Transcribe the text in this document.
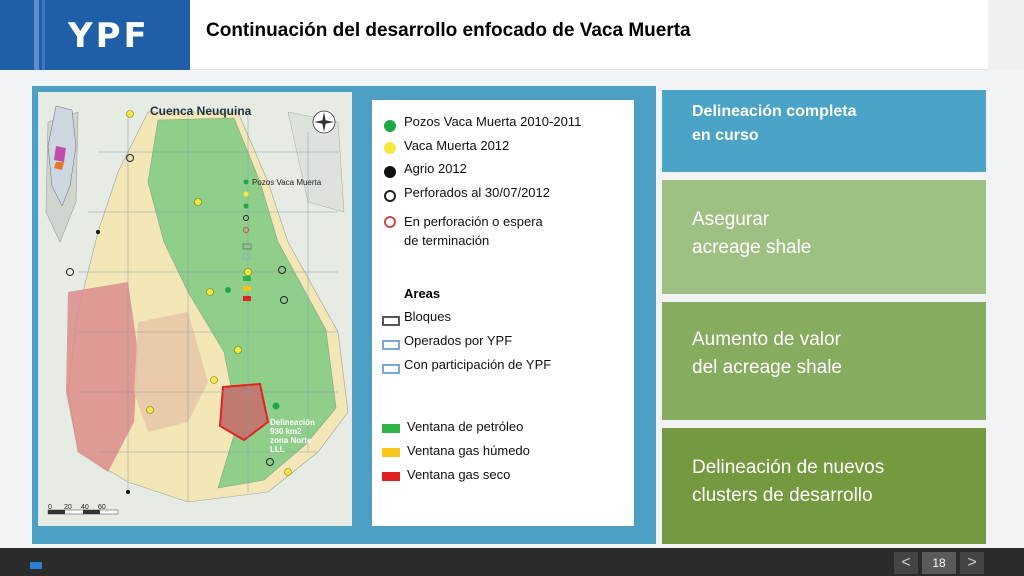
YPF	Continuación del desarrollo enfocado de Vaca Muerta
Pozos Vaca Muerta
Cuenca Neuquina
Delineación
930 km2
zona Norte
LLL
0 20 40 60
Pozos Vaca Muerta 2010-2011
Vaca Muerta 2012
Agrio 2012
Perforados al 30/07/2012
En perforación o espera
de terminación
Areas
Bloques
Operados por YPF
Con participación de YPF
Ventana de petróleo
Ventana gas húmedo
Ventana gas seco
Delineación completa
en curso
Asegurar
acreage shale
Aumento de valor
del acreage shale
Delineación de nuevos
clusters de desarrollo
<	18	>
